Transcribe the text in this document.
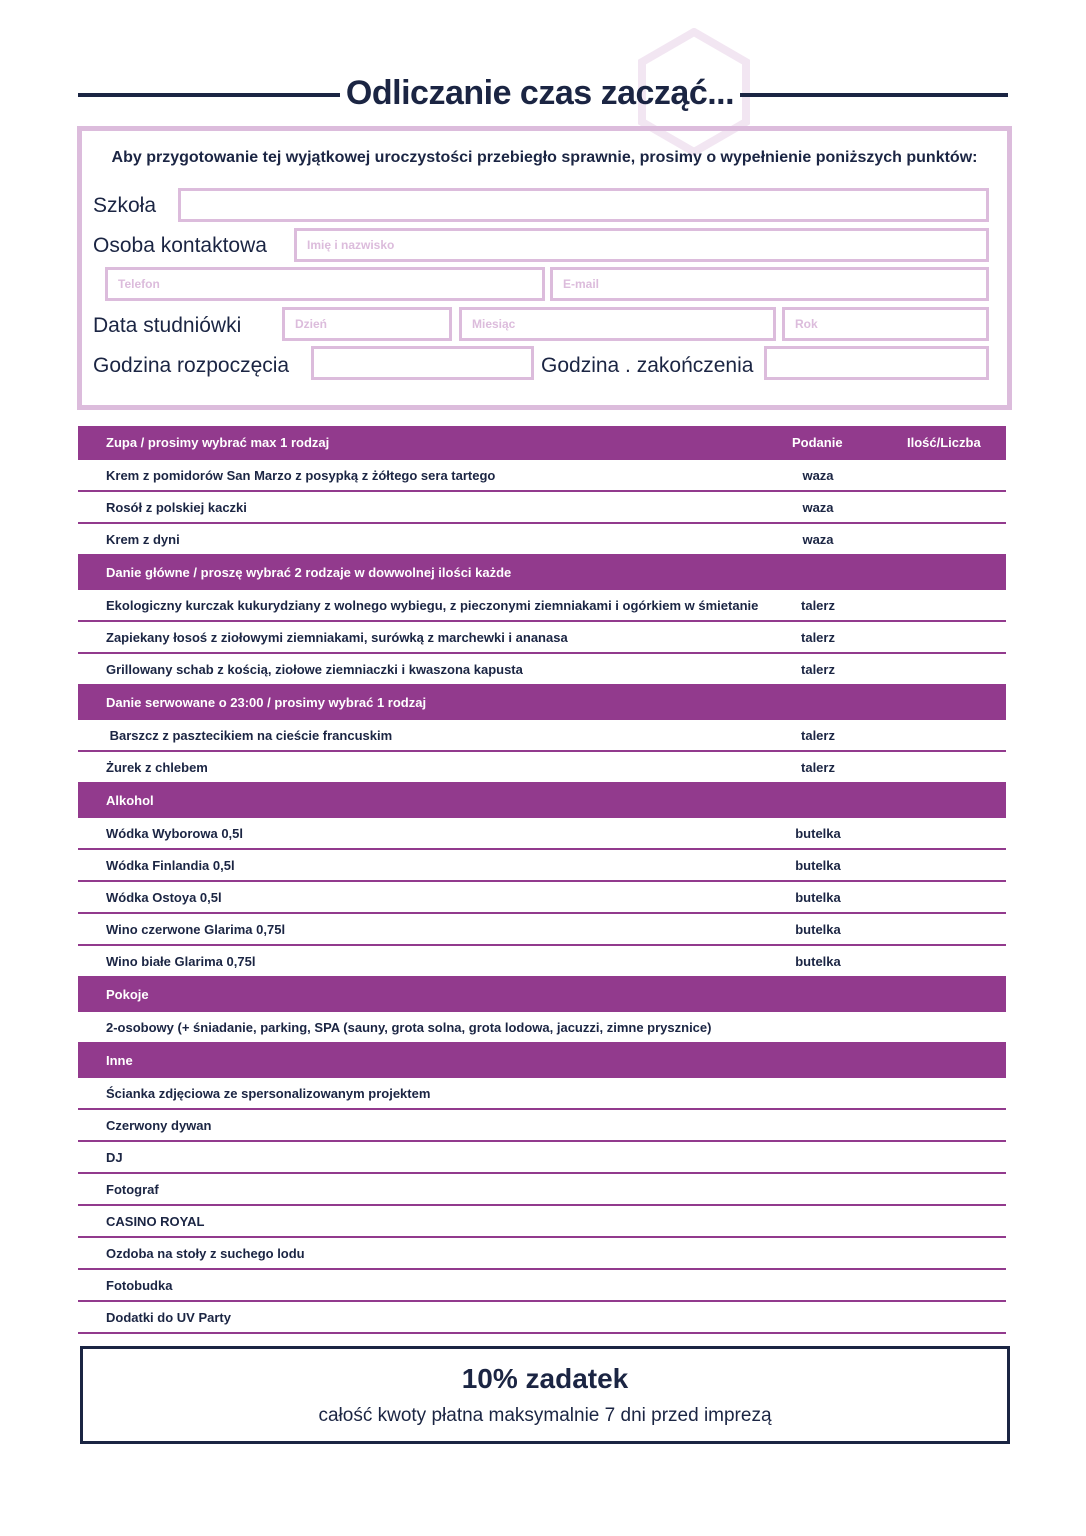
Odliczanie czas zacząć...
Aby przygotowanie tej wyjątkowej uroczystości przebiegło sprawnie, prosimy o wypełnienie poniższych punktów:
Szkoła
Osoba kontaktowa	Imię i nazwisko
Telefon	E-mail
Data studniówki	Dzień	Miesiąc	Rok
Godzina rozpoczęcia	Godzina . zakończenia
Zupa / prosimy wybrać max 1 rodzaj	Podanie	Ilość/Liczba
Krem z pomidorów San Marzo z posypką z żółtego sera tartego	waza
Rosół z polskiej kaczki	waza
Krem z dyni	waza
Danie główne / proszę wybrać 2 rodzaje w dowwolnej ilości każde
Ekologiczny kurczak kukurydziany z wolnego wybiegu, z pieczonymi ziemniakami i ogórkiem w śmietanie	talerz
Zapiekany łosoś z ziołowymi ziemniakami, surówką z marchewki i ananasa	talerz
Grillowany schab z kością, ziołowe ziemniaczki i kwaszona kapusta	talerz
Danie serwowane o 23:00 / prosimy wybrać 1 rodzaj
Barszcz z pasztecikiem na cieście francuskim	talerz
Żurek z chlebem	talerz
Alkohol
Wódka Wyborowa 0,5l	butelka
Wódka Finlandia 0,5l	butelka
Wódka Ostoya 0,5l	butelka
Wino czerwone Glarima 0,75l	butelka
Wino białe Glarima 0,75l	butelka
Pokoje
2-osobowy (+ śniadanie, parking, SPA (sauny, grota solna, grota lodowa, jacuzzi, zimne prysznice)
Inne
Ścianka zdjęciowa ze spersonalizowanym projektem
Czerwony dywan
DJ
Fotograf
CASINO ROYAL
Ozdoba na stoły z suchego lodu
Fotobudka
Dodatki do UV Party
10% zadatek
całość kwoty płatna maksymalnie 7 dni przed imprezą
